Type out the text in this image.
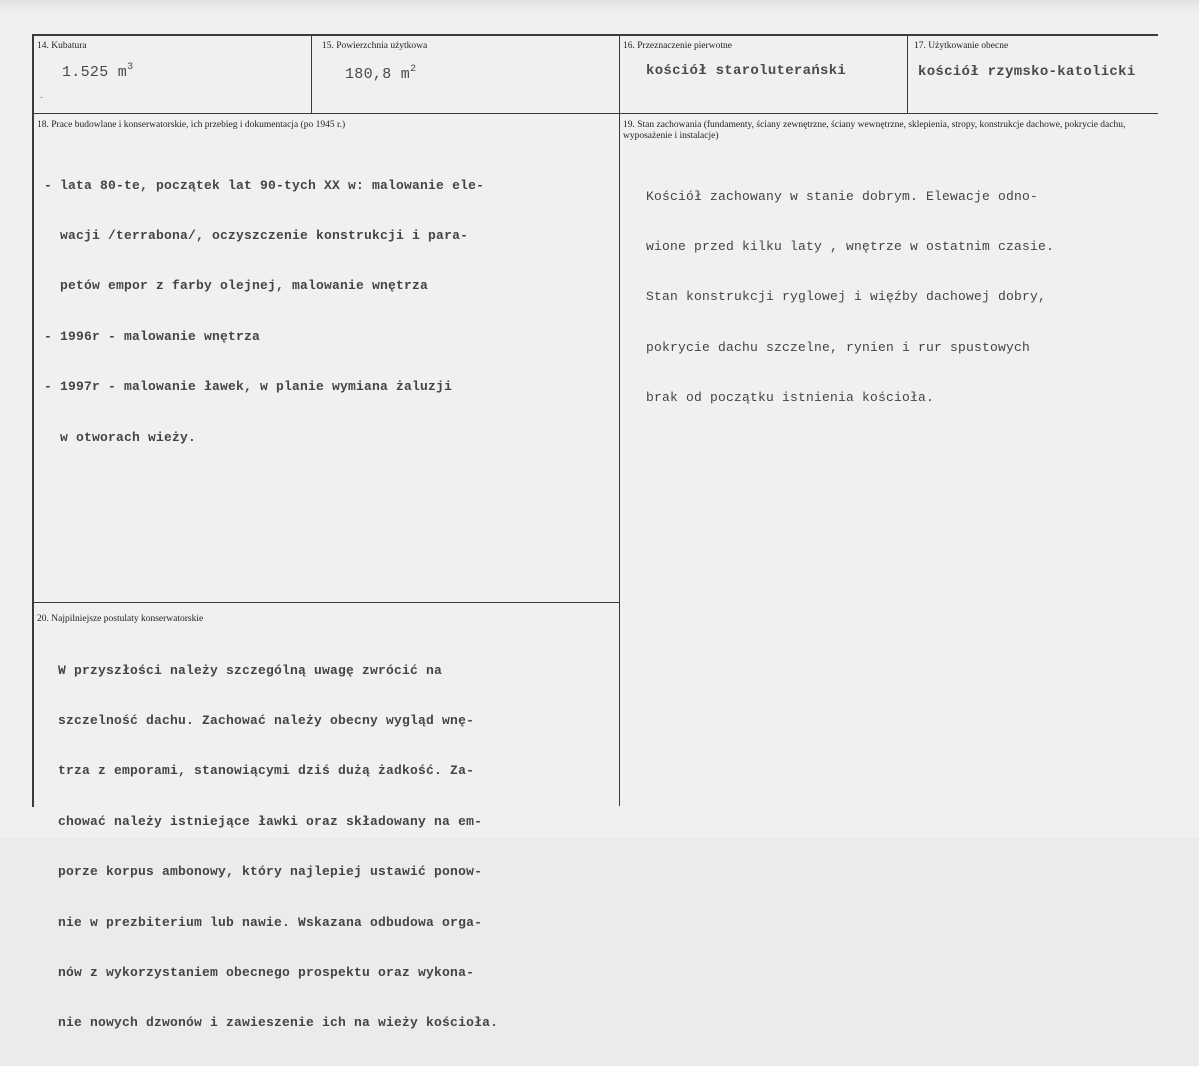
14. Kubatura
1.525 $m^3$
-
15. Powierzchnia użytkowa
180,8 $m^2$
16. Przeznaczenie pierwotne
kościół staroluterański
17. Użytkowanie obecne
kościół rzymsko-katolicki
18. Prace budowlane i konserwatorskie, ich przebieg i dokumentacja (po 1945 r.)

- lata 80-te, początek lat 90-tych XX w: malowanie ele-

wacji /terrabona/, oczyszczenie konstrukcji i para-

petów empor z farby olejnej, malowanie wnętrza

- 1996r - malowanie wnętrza

- 1997r - malowanie ławek, w planie wymiana żaluzji

w otworach wieży.

19. Stan zachowania (fundamenty, ściany zewnętrzne, ściany wewnętrzne, sklepienia, stropy, konstrukcje dachowe, pokrycie dachu, wyposażenie i instalacje)

Kościół zachowany w stanie dobrym. Elewacje odno-

wione przed kilku laty , wnętrze w ostatnim czasie.

Stan konstrukcji ryglowej i więźby dachowej dobry,

pokrycie dachu szczelne, rynien i rur spustowych

brak od początku istnienia kościoła.

20. Najpilniejsze postulaty konserwatorskie

W przyszłości należy szczególną uwagę zwrócić na

szczelność dachu. Zachować należy obecny wygląd wnę-

trza z emporami, stanowiącymi dziś dużą żadkość. Za-

chować należy istniejące ławki oraz składowany na em-

porze korpus ambonowy, który najlepiej ustawić ponow-

nie w prezbiterium lub nawie. Wskazana odbudowa orga-

nów z wykorzystaniem obecnego prospektu oraz wykona-

nie nowych dzwonów i zawieszenie ich na wieży kościoła.
